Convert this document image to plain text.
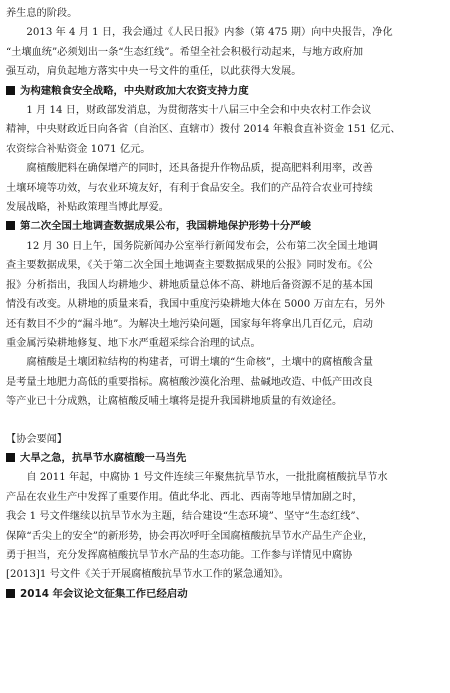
养生息的阶段。

2013 年 4 月 1 日，我会通过《人民日报》内参（第 475 期）向中央报告，净化

“土壤血统”必须划出一条“生态红线”。希望全社会积极行动起来，与地方政府加

强互动，肩负起地方落实中央一号文件的重任，以此获得大发展。

为构建粮食安全战略，中央财政加大农资支持力度

1 月 14 日，财政部发消息，为贯彻落实十八届三中全会和中央农村工作会议

精神，中央财政近日向各省（自治区、直辖市）拨付 2014 年粮食直补资金 151 亿元、

农资综合补贴资金 1071 亿元。

腐植酸肥料在确保增产的同时，还具备提升作物品质，提高肥料利用率，改善

土壤环境等功效，与农业环境友好，有利于食品安全。我们的产品符合农业可持续

发展战略，补贴政策理当博此厚爱。

第二次全国土地调查数据成果公布，我国耕地保护形势十分严峻

12 月 30 日上午，国务院新闻办公室举行新闻发布会，公布第二次全国土地调

查主要数据成果，《关于第二次全国土地调查主要数据成果的公报》同时发布。《公

报》分析指出，我国人均耕地少、耕地质量总体不高、耕地后备资源不足的基本国

情没有改变。从耕地的质量来看，我国中重度污染耕地大体在 5000 万亩左右，另外

还有数目不少的“漏斗地”。为解决土地污染问题，国家每年将拿出几百亿元，启动

重金属污染耕地修复、地下水严重超采综合治理的试点。

腐植酸是土壤团粒结构的构建者，可谓土壤的“生命核”，土壤中的腐植酸含量

是考量土地肥力高低的重要指标。腐植酸沙漠化治理、盐碱地改造、中低产田改良

等产业已十分成熟，让腐植酸反哺土壤将是提升我国耕地质量的有效途径。

【协会要闻】

大旱之急，抗旱节水腐植酸一马当先

自 2011 年起，中腐协 1 号文件连续三年聚焦抗旱节水，一批批腐植酸抗旱节水

产品在农业生产中发挥了重要作用。值此华北、西北、西南等地旱情加剧之时，

我会 1 号文件继续以抗旱节水为主题，结合建设“生态环境”、坚守“生态红线”、

保障“舌尖上的安全”的新形势，协会再次呼吁全国腐植酸抗旱节水产品生产企业，

勇于担当，充分发挥腐植酸抗旱节水产品的生态功能。工作参与详情见中腐协

[2013]1 号文件《关于开展腐植酸抗旱节水工作的紧急通知》。

2014 年会议论文征集工作已经启动
